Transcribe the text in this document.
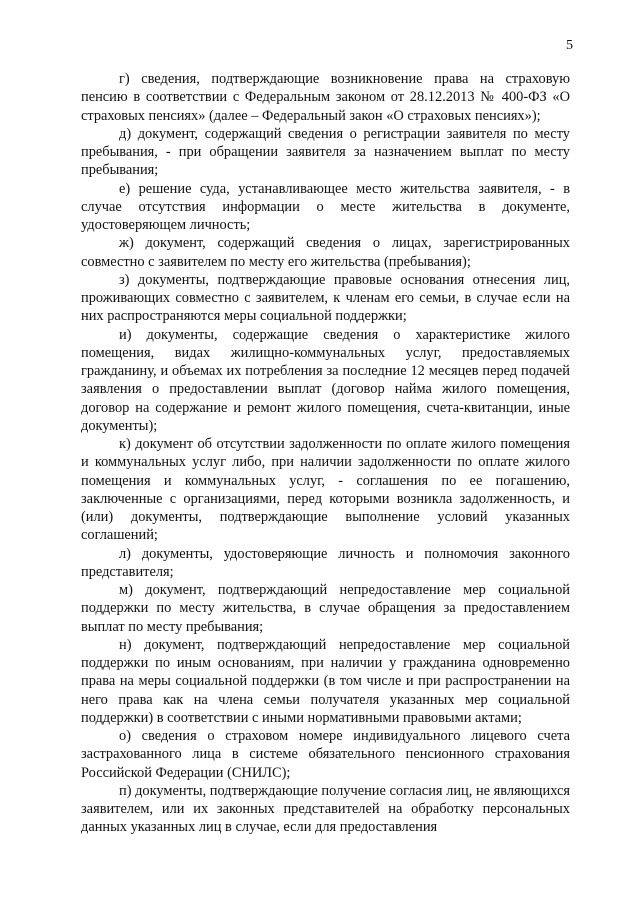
5

г) сведения, подтверждающие возникновение права на страховую пенсию в соответствии с Федеральным законом от 28.12.2013 № 400-ФЗ «О страховых пенсиях» (далее – Федеральный закон «О страховых пенсиях»);

д) документ, содержащий сведения о регистрации заявителя по месту пребывания, - при обращении заявителя за назначением выплат по месту пребывания;

е) решение суда, устанавливающее место жительства заявителя, - в случае отсутствия информации о месте жительства в документе, удостоверяющем личность;

ж) документ, содержащий сведения о лицах, зарегистрированных совместно с заявителем по месту его жительства (пребывания);

з) документы, подтверждающие правовые основания отнесения лиц, проживающих совместно с заявителем, к членам его семьи, в случае если на них распространяются меры социальной поддержки;

и) документы, содержащие сведения о характеристике жилого помещения, видах жилищно-коммунальных услуг, предоставляемых гражданину, и объемах их потребления за последние 12 месяцев перед подачей заявления о предоставлении выплат (договор найма жилого помещения, договор на содержание и ремонт жилого помещения, счета-квитанции, иные документы);

к) документ об отсутствии задолженности по оплате жилого помещения и коммунальных услуг либо, при наличии задолженности по оплате жилого помещения и коммунальных услуг, - соглашения по ее погашению, заключенные с организациями, перед которыми возникла задолженность, и (или) документы, подтверждающие выполнение условий указанных соглашений;

л) документы, удостоверяющие личность и полномочия законного представителя;

м) документ, подтверждающий непредоставление мер социальной поддержки по месту жительства, в случае обращения за предоставлением выплат по месту пребывания;

н) документ, подтверждающий непредоставление мер социальной поддержки по иным основаниям, при наличии у гражданина одновременно права на меры социальной поддержки (в том числе и при распространении на него права как на члена семьи получателя указанных мер социальной поддержки) в соответствии с иными нормативными правовыми актами;

о) сведения о страховом номере индивидуального лицевого счета застрахованного лица в системе обязательного пенсионного страхования Российской Федерации (СНИЛС);

п) документы, подтверждающие получение согласия лиц, не являющихся заявителем, или их законных представителей на обработку персональных данных указанных лиц в случае, если для предоставления
